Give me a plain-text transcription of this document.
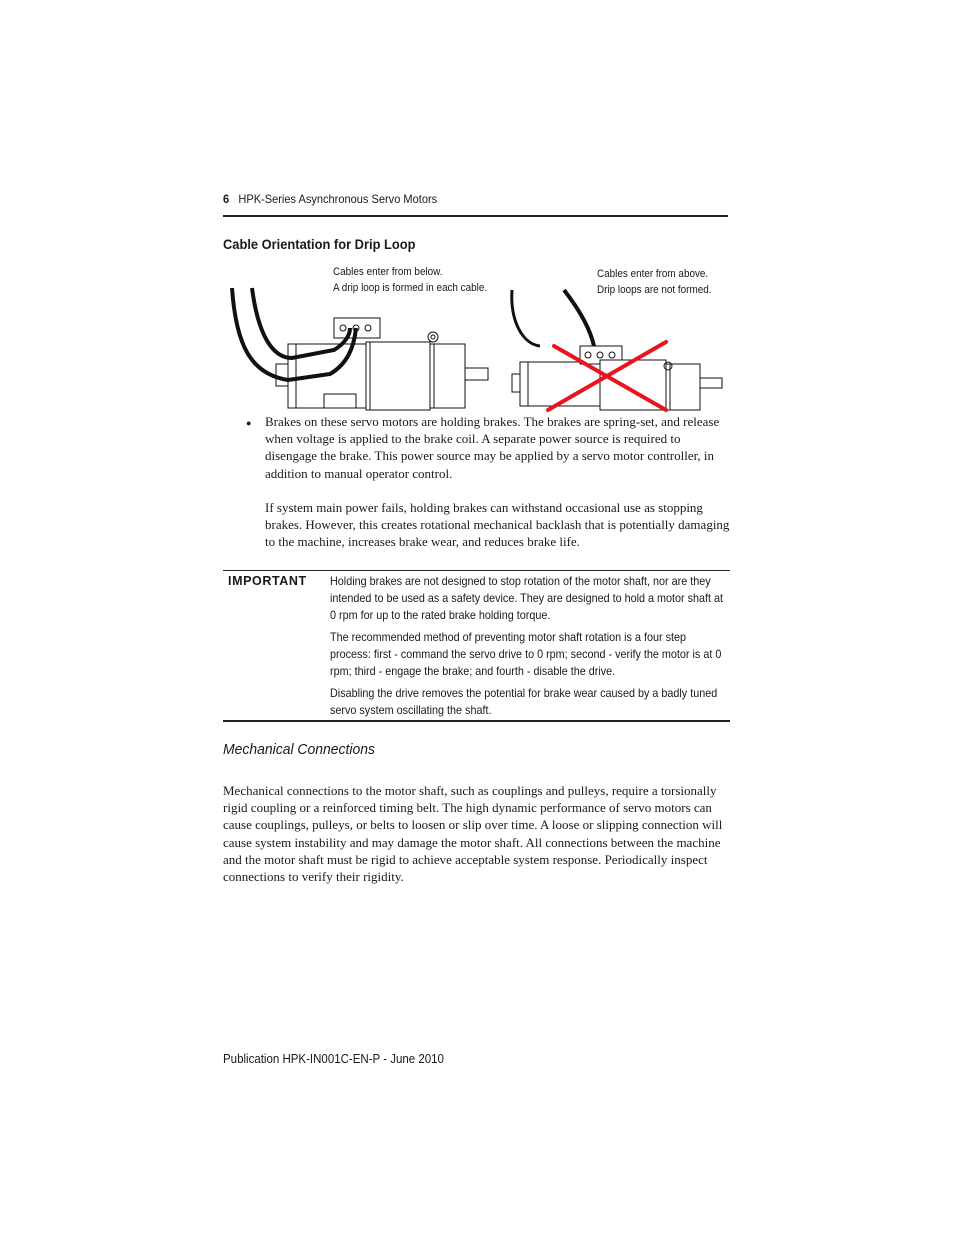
6 HPK-Series Asynchronous Servo Motors
Cable Orientation for Drip Loop
Cables enter from below.
A drip loop is formed in each cable.
Cables enter from above.
Drip loops are not formed.
● Brakes on these servo motors are holding brakes. The brakes are spring-set, and release when voltage is applied to the brake coil. A separate power source is required to disengage the brake. This power source may be applied by a servo motor controller, in addition to manual operator control.
If system main power fails, holding brakes can withstand occasional use as stopping brakes. However, this creates rotational mechanical backlash that is potentially damaging to the machine, increases brake wear, and reduces brake life.
IMPORTANT Holding brakes are not designed to stop rotation of the motor shaft, nor are they intended to be used as a safety device. They are designed to hold a motor shaft at 0 rpm for up to the rated brake holding torque.

The recommended method of preventing motor shaft rotation is a four step process: first - command the servo drive to 0 rpm; second - verify the motor is at 0 rpm; third - engage the brake; and fourth - disable the drive.

Disabling the drive removes the potential for brake wear caused by a badly tuned servo system oscillating the shaft.

Mechanical Connections
Mechanical connections to the motor shaft, such as couplings and pulleys, require a torsionally rigid coupling or a reinforced timing belt. The high dynamic performance of servo motors can cause couplings, pulleys, or belts to loosen or slip over time. A loose or slipping connection will cause system instability and may damage the motor shaft. All connections between the machine and the motor shaft must be rigid to achieve acceptable system response. Periodically inspect connections to verify their rigidity.
Publication HPK-IN001C-EN-P - June 2010
